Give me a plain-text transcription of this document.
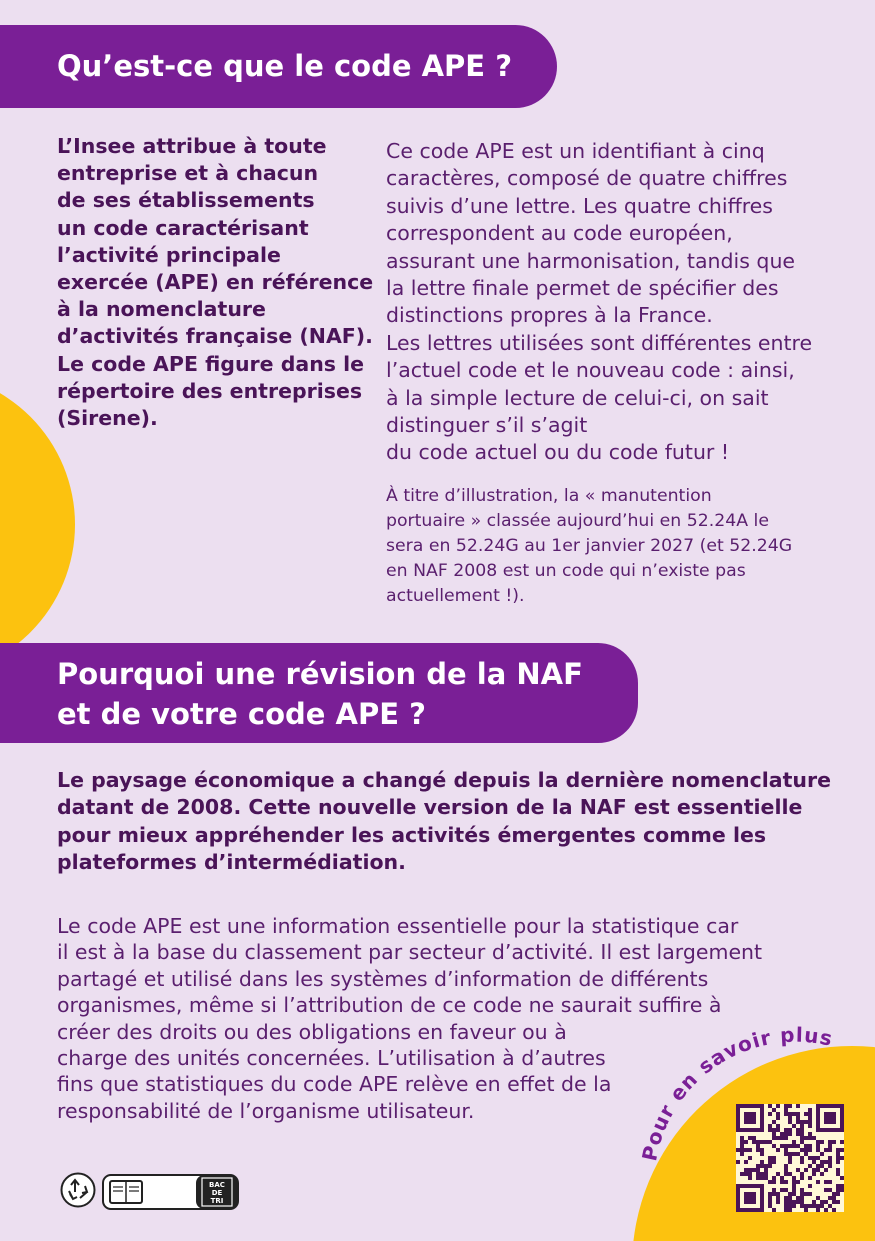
Qu’est-ce que le code APE ?
L’Insee attribue à toute
entreprise et à chacun
de ses établissements
un code caractérisant
l’activité principale
exercée (APE) en référence
à la nomenclature
d’activités française (NAF).
Le code APE figure dans le
répertoire des entreprises
(Sirene).
Ce code APE est un identifiant à cinq
caractères, composé de quatre chiffres
suivis d’une lettre. Les quatre chiffres
correspondent au code européen,
assurant une harmonisation, tandis que
la lettre finale permet de spécifier des
distinctions propres à la France.
Les lettres utilisées sont différentes entre
l’actuel code et le nouveau code : ainsi,
à la simple lecture de celui-ci, on sait
distinguer s’il s’agit
du code actuel ou du code futur !
À titre d’illustration, la « manutention
portuaire » classée aujourd’hui en 52.24A le
sera en 52.24G au 1er janvier 2027 (et 52.24G
en NAF 2008 est un code qui n’existe pas
actuellement !).
Pourquoi une révision de la NAF
et de votre code APE ?
Le paysage économique a changé depuis la dernière nomenclature
datant de 2008. Cette nouvelle version de la NAF est essentielle
pour mieux appréhender les activités émergentes comme les
plateformes d’intermédiation.
Le code APE est une information essentielle pour la statistique car
il est à la base du classement par secteur d’activité. Il est largement
partagé et utilisé dans les systèmes d’information de différents
organismes, même si l’attribution de ce code ne saurait suffire à
créer des droits ou des obligations en faveur ou à
charge des unités concernées. L’utilisation à d’autres
fins que statistiques du code APE relève en effet de la
responsabilité de l’organisme utilisateur.
Pour en savoir plus
BAC
DE
TRI
